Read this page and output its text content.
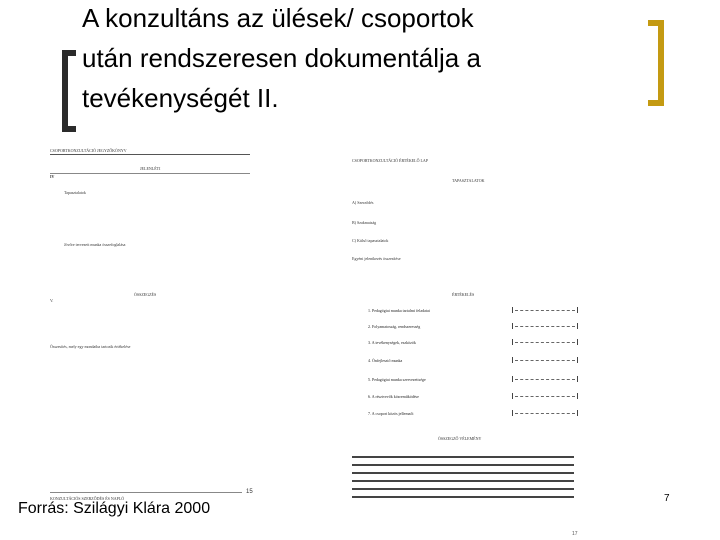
A konzultáns az ülések/ csoportok
után rendszeresen dokumentálja a
tevékenységét II.
CSOPORTKONZULTÁCIÓ JEGYZŐKÖNYV
JELENLÉTI
IV
Tapasztalatok
Jövőre tervezett munka összefoglalása
ÖSSZEGZÉS
V.
Összesítés, mely egy mondatba tartozik értékelése
KONZULTÁCIÓS SZERZŐDÉS ÉS NAPLÓ
15
CSOPORTKONZULTÁCIÓ ÉRTÉKELŐ LAP
TAPASZTALATOK
A) Szerződés
B) Szakmaiság
C) Külső tapasztalatok
Egyéni jelentkezés összesítése
ÉRTÉKELÉS
1. Pedagógiai munka tartalmi feladatai
2. Folyamatosság, rendszeresség
3. A tevékenységek, eszközök
4. Önfejlesztő munka
5. Pedagógiai munka szervezettsége
6. A résztvevők közreműködése
7. A csoport közös jellemzői
ÖSSZEGZŐ VÉLEMÉNY
Forrás: Szilágyi Klára 2000
7
17
